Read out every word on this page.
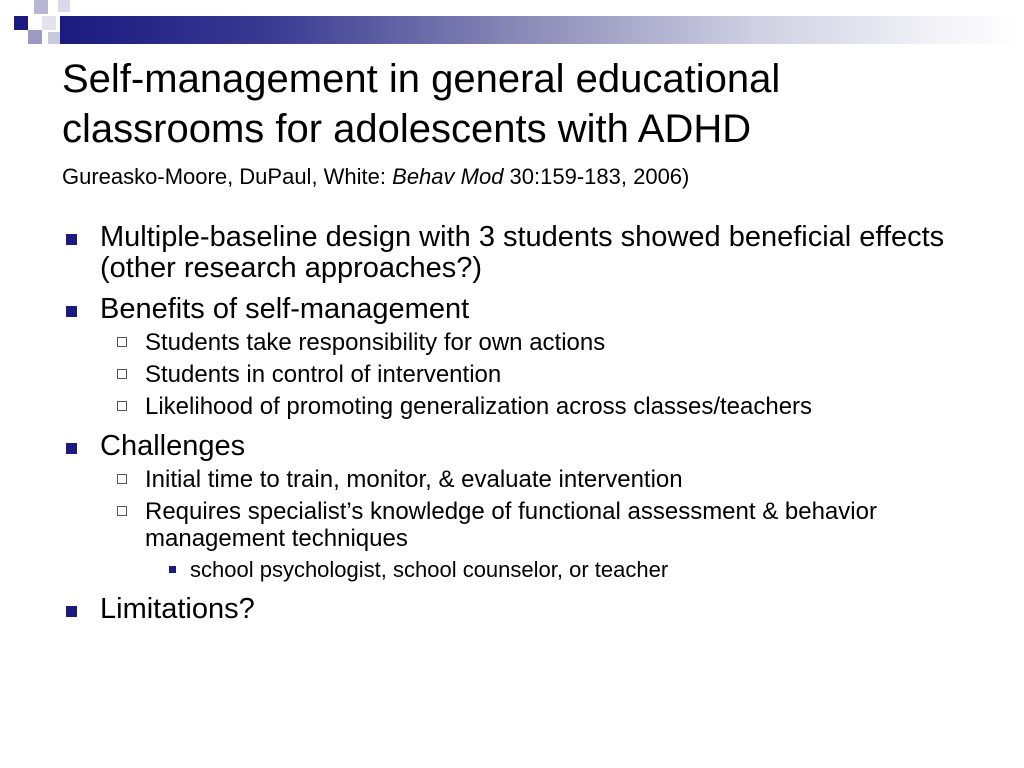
Self-management in general educational
classrooms for adolescents with ADHD

Gureasko-Moore, DuPaul, White: Behav Mod 30:159-183, 2006)

Multiple-baseline design with 3 students showed beneficial effects (other research approaches?)
Benefits of self-management
Students take responsibility for own actions
Students in control of intervention
Likelihood of promoting generalization across classes/teachers
Challenges
Initial time to train, monitor, & evaluate intervention
Requires specialist’s knowledge of functional assessment & behavior management techniques
school psychologist, school counselor, or teacher
Limitations?
